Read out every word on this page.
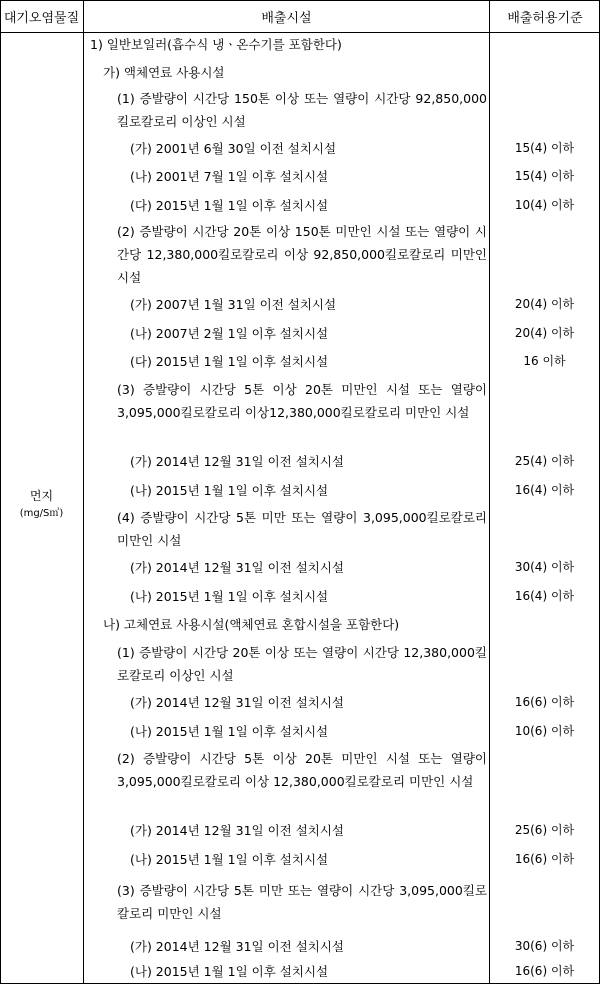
대기오염물질	배출시설	배출허용기준
먼지
(mg/S㎥)
1) 일반보일러(흡수식 냉ㆍ온수기를 포함한다)
가) 액체연료 사용시설
(1) 증발량이 시간당 150톤 이상 또는 열량이 시간당 92,850,000킬로칼로리 이상인 시설
(가) 2001년 6월 30일 이전 설치시설
(나) 2001년 7월 1일 이후 설치시설
(다) 2015년 1월 1일 이후 설치시설
(2) 증발량이 시간당 20톤 이상 150톤 미만인 시설 또는 열량이 시간당 12,380,000킬로칼로리 이상 92,850,000킬로칼로리 미만인 시설
(가) 2007년 1월 31일 이전 설치시설
(나) 2007년 2월 1일 이후 설치시설
(다) 2015년 1월 1일 이후 설치시설
(3) 증발량이 시간당 5톤 이상 20톤 미만인 시설 또는 열량이 3,095,000킬로칼로리 이상12,380,000킬로칼로리 미만인 시설
(가) 2014년 12월 31일 이전 설치시설
(나) 2015년 1월 1일 이후 설치시설
(4) 증발량이 시간당 5톤 미만 또는 열량이 3,095,000킬로칼로리 미만인 시설
(가) 2014년 12월 31일 이전 설치시설
(나) 2015년 1월 1일 이후 설치시설
나) 고체연료 사용시설(액체연료 혼합시설을 포함한다)
(1) 증발량이 시간당 20톤 이상 또는 열량이 시간당 12,380,000킬로칼로리 이상인 시설
(가) 2014년 12월 31일 이전 설치시설
(나) 2015년 1월 1일 이후 설치시설
(2) 증발량이 시간당 5톤 이상 20톤 미만인 시설 또는 열량이 3,095,000킬로칼로리 이상 12,380,000킬로칼로리 미만인 시설
(가) 2014년 12월 31일 이전 설치시설
(나) 2015년 1월 1일 이후 설치시설
(3) 증발량이 시간당 5톤 미만 또는 열량이 시간당 3,095,000킬로칼로리 미만인 시설
(가) 2014년 12월 31일 이전 설치시설
(나) 2015년 1월 1일 이후 설치시설
15(4) 이하
15(4) 이하
10(4) 이하
20(4) 이하
20(4) 이하
16 이하
25(4) 이하
16(4) 이하
30(4) 이하
16(4) 이하
16(6) 이하
10(6) 이하
25(6) 이하
16(6) 이하
30(6) 이하
16(6) 이하
